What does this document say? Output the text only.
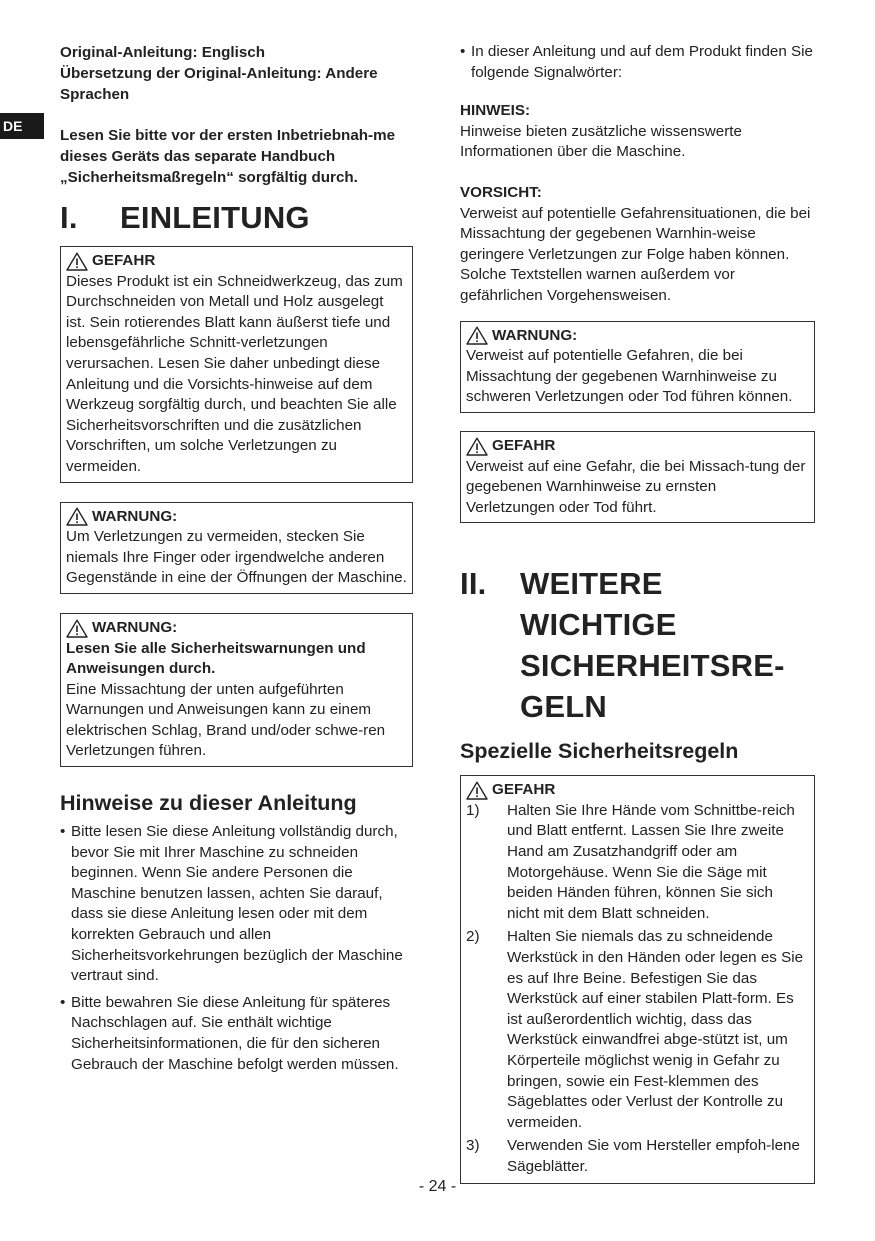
DE

Original-Anleitung: Englisch

Übersetzung der Original-Anleitung: Andere Sprachen

Lesen Sie bitte vor der ersten Inbetriebnah-me dieses Geräts das separate Handbuch „Sicherheitsmaßregeln“ sorgfältig durch.

I.	EINLEITUNG
GEFAHR

Dieses Produkt ist ein Schneidwerkzeug, das zum Durchschneiden von Metall und Holz ausgelegt ist. Sein rotierendes Blatt kann äußerst tiefe und lebensgefährliche Schnitt-verletzungen verursachen. Lesen Sie daher unbedingt diese Anleitung und die Vorsichts-hinweise auf dem Werkzeug sorgfältig durch, und beachten Sie alle Sicherheitsvorschriften und die zusätzlichen Vorschriften, um solche Verletzungen zu vermeiden.

WARNUNG:

Um Verletzungen zu vermeiden, stecken Sie niemals Ihre Finger oder irgendwelche anderen Gegenstände in eine der Öffnungen der Maschine.

WARNUNG:

Lesen Sie alle Sicherheitswarnungen und Anweisungen durch.

Eine Missachtung der unten aufgeführten Warnungen und Anweisungen kann zu einem elektrischen Schlag, Brand und/oder schwe-ren Verletzungen führen.

Hinweise zu dieser Anleitung

• Bitte lesen Sie diese Anleitung vollständig durch, bevor Sie mit Ihrer Maschine zu schneiden beginnen. Wenn Sie andere Personen die Maschine benutzen lassen, achten Sie darauf, dass sie diese Anleitung lesen oder mit dem korrekten Gebrauch und allen Sicherheitsvorkehrungen bezüglich der Maschine vertraut sind.
• Bitte bewahren Sie diese Anleitung für späteres Nachschlagen auf. Sie enthält wichtige Sicherheitsinformationen, die für den sicheren Gebrauch der Maschine befolgt werden müssen.
• In dieser Anleitung und auf dem Produkt finden Sie folgende Signalwörter:

HINWEIS:

Hinweise bieten zusätzliche wissenswerte Informationen über die Maschine.

VORSICHT:

Verweist auf potentielle Gefahrensituationen, die bei Missachtung der gegebenen Warnhin-weise geringere Verletzungen zur Folge haben können. Solche Textstellen warnen außerdem vor gefährlichen Vorgehensweisen.

WARNUNG:

Verweist auf potentielle Gefahren, die bei Missachtung der gegebenen Warnhinweise zu schweren Verletzungen oder Tod führen können.

GEFAHR

Verweist auf eine Gefahr, die bei Missach-tung der gegebenen Warnhinweise zu ernsten Verletzungen oder Tod führt.

II.	WEITERE WICHTIGE
SICHERHEITSRE-
GELN

Spezielle Sicherheitsregeln

GEFAHR
1)	Halten Sie Ihre Hände vom Schnittbe-reich und Blatt entfernt. Lassen Sie Ihre zweite Hand am Zusatzhandgriff oder am Motorgehäuse. Wenn Sie die Säge mit beiden Händen führen, können Sie sich nicht mit dem Blatt schneiden.
2)	Halten Sie niemals das zu schneidende Werkstück in den Händen oder legen es Sie es auf Ihre Beine. Befestigen Sie das Werkstück auf einer stabilen Platt-form. Es ist außerordentlich wichtig, dass das Werkstück einwandfrei abge-stützt ist, um Körperteile möglichst wenig in Gefahr zu bringen, sowie ein Fest-klemmen des Sägeblattes oder Verlust der Kontrolle zu vermeiden.
3)	Verwenden Sie vom Hersteller empfoh-lene Sägeblätter.
- 24 -
